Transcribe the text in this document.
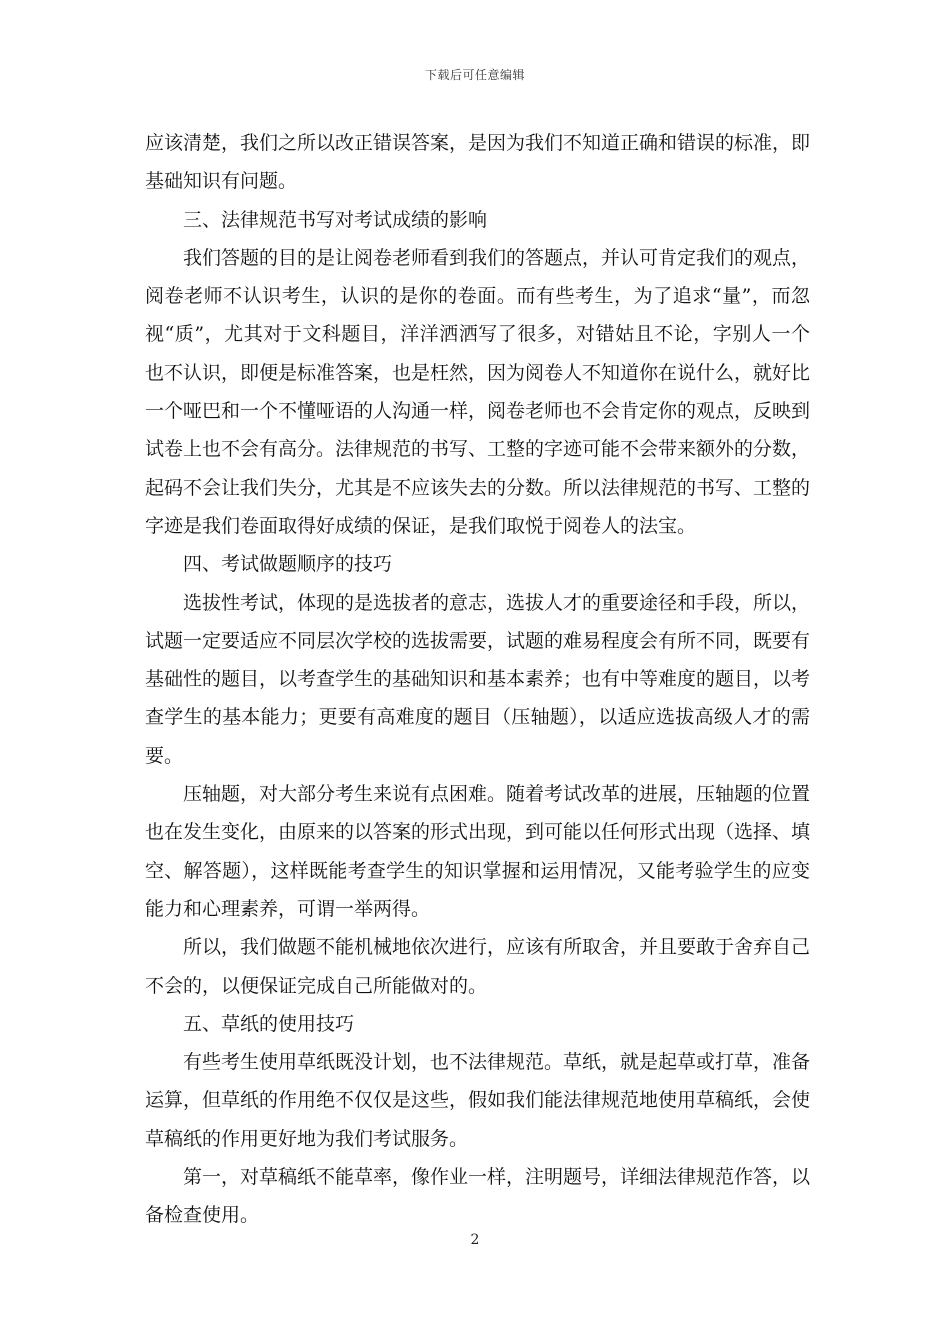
下载后可任意编辑

应该清楚，我们之所以改正错误答案，是因为我们不知道正确和错误的标准，即基础知识有问题。

三、法律规范书写对考试成绩的影响

我们答题的目的是让阅卷老师看到我们的答题点，并认可肯定我们的观点，阅卷老师不认识考生，认识的是你的卷面。而有些考生，为了追求“量”，而忽视“质”，尤其对于文科题目，洋洋洒洒写了很多，对错姑且不论，字别人一个也不认识，即便是标准答案，也是枉然，因为阅卷人不知道你在说什么，就好比一个哑巴和一个不懂哑语的人沟通一样，阅卷老师也不会肯定你的观点，反映到试卷上也不会有高分。法律规范的书写、工整的字迹可能不会带来额外的分数，起码不会让我们失分，尤其是不应该失去的分数。所以法律规范的书写、工整的字迹是我们卷面取得好成绩的保证，是我们取悦于阅卷人的法宝。

四、考试做题顺序的技巧

选拔性考试，体现的是选拔者的意志，选拔人才的重要途径和手段，所以，试题一定要适应不同层次学校的选拔需要，试题的难易程度会有所不同，既要有基础性的题目，以考查学生的基础知识和基本素养；也有中等难度的题目，以考查学生的基本能力；更要有高难度的题目（压轴题），以适应选拔高级人才的需要。

压轴题，对大部分考生来说有点困难。随着考试改革的进展，压轴题的位置也在发生变化，由原来的以答案的形式出现，到可能以任何形式出现（选择、填空、解答题），这样既能考查学生的知识掌握和运用情况，又能考验学生的应变能力和心理素养，可谓一举两得。

所以，我们做题不能机械地依次进行，应该有所取舍，并且要敢于舍弃自己不会的，以便保证完成自己所能做对的。

五、草纸的使用技巧

有些考生使用草纸既没计划，也不法律规范。草纸，就是起草或打草，准备运算，但草纸的作用绝不仅仅是这些，假如我们能法律规范地使用草稿纸，会使草稿纸的作用更好地为我们考试服务。

第一，对草稿纸不能草率，像作业一样，注明题号，详细法律规范作答，以备检查使用。

2
